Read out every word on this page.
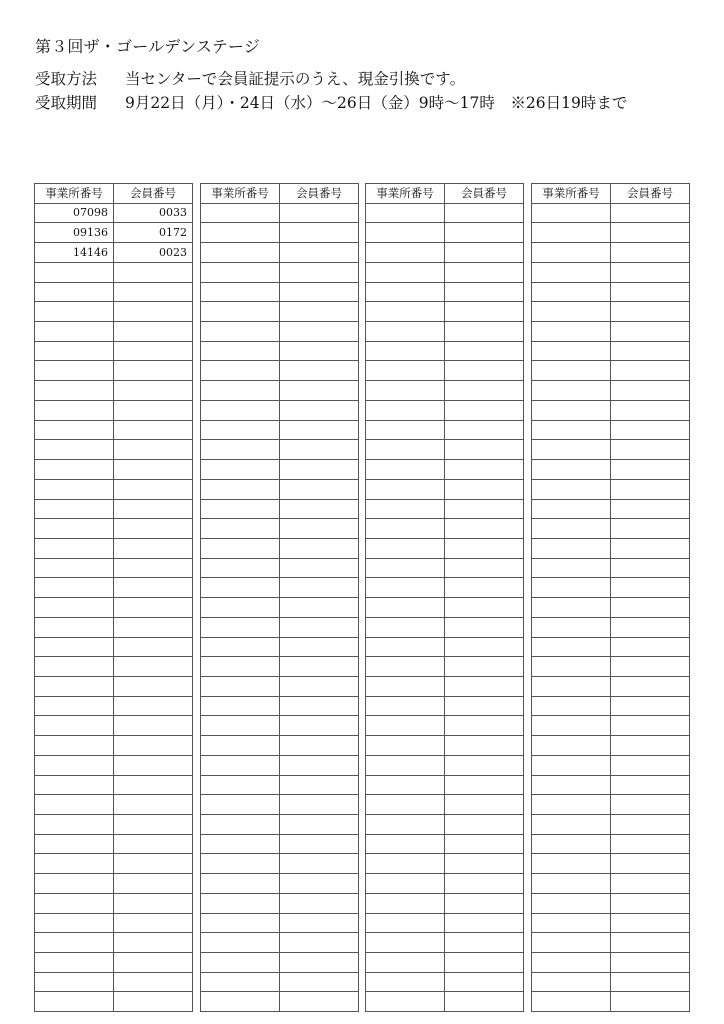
第３回ザ・ゴールデンステージ
受取方法 当センターで会員証提示のうえ、現金引換です。
受取期間 9月22日（月）・24日（水）～26日（金）9時～17時　※26日19時まで
事業所番号	会員番号
07098	0033
09136	0172
14146	0023

事業所番号	会員番号

		事業所番号	会員番号

		事業所番号	会員番号
